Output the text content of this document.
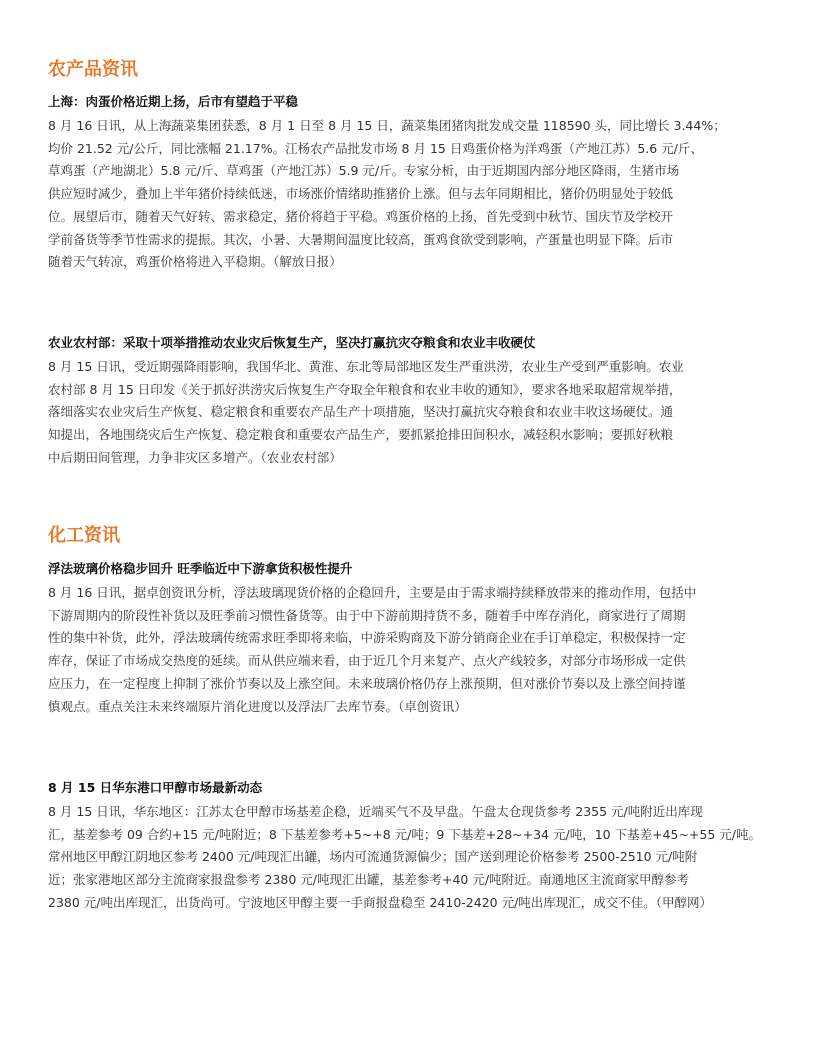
农产品资讯
上海：肉蛋价格近期上扬，后市有望趋于平稳
8 月 16 日讯，从上海蔬菜集团获悉，8 月 1 日至 8 月 15 日，蔬菜集团猪肉批发成交量 118590 头，同比增长 3.44%；
均价 21.52 元/公斤，同比涨幅 21.17%。江杨农产品批发市场 8 月 15 日鸡蛋价格为洋鸡蛋（产地江苏）5.6 元/斤、
草鸡蛋（产地湖北）5.8 元/斤、草鸡蛋（产地江苏）5.9 元/斤。专家分析，由于近期国内部分地区降雨，生猪市场
供应短时减少，叠加上半年猪价持续低迷，市场涨价情绪助推猪价上涨。但与去年同期相比，猪价仍明显处于较低
位。展望后市，随着天气好转、需求稳定，猪价将趋于平稳。鸡蛋价格的上扬，首先受到中秋节、国庆节及学校开
学前备货等季节性需求的提振。其次，小暑、大暑期间温度比较高，蛋鸡食欲受到影响，产蛋量也明显下降。后市
随着天气转凉，鸡蛋价格将进入平稳期。（解放日报）
农业农村部：采取十项举措推动农业灾后恢复生产，坚决打赢抗灾夺粮食和农业丰收硬仗
8 月 15 日讯，受近期强降雨影响，我国华北、黄淮、东北等局部地区发生严重洪涝，农业生产受到严重影响。农业
农村部 8 月 15 日印发《关于抓好洪涝灾后恢复生产夺取全年粮食和农业丰收的通知》，要求各地采取超常规举措，
落细落实农业灾后生产恢复、稳定粮食和重要农产品生产十项措施，坚决打赢抗灾夺粮食和农业丰收这场硬仗。通
知提出，各地围绕灾后生产恢复、稳定粮食和重要农产品生产，要抓紧抢排田间积水，减轻积水影响；要抓好秋粮
中后期田间管理，力争非灾区多增产。（农业农村部）
化工资讯
浮法玻璃价格稳步回升 旺季临近中下游拿货积极性提升
8 月 16 日讯，据卓创资讯分析，浮法玻璃现货价格的企稳回升，主要是由于需求端持续释放带来的推动作用，包括中
下游周期内的阶段性补货以及旺季前习惯性备货等。由于中下游前期持货不多，随着手中库存消化，商家进行了周期
性的集中补货，此外，浮法玻璃传统需求旺季即将来临，中游采购商及下游分销商企业在手订单稳定，积极保持一定
库存，保证了市场成交热度的延续。而从供应端来看，由于近几个月来复产、点火产线较多，对部分市场形成一定供
应压力，在一定程度上抑制了涨价节奏以及上涨空间。未来玻璃价格仍存上涨预期，但对涨价节奏以及上涨空间持谨
慎观点。重点关注未来终端原片消化进度以及浮法厂去库节奏。（卓创资讯）
8 月 15 日华东港口甲醇市场最新动态
8 月 15 日讯，华东地区：江苏太仓甲醇市场基差企稳，近端买气不及早盘。午盘太仓现货参考 2355 元/吨附近出库现
汇，基差参考 09 合约+15 元/吨附近；8 下基差参考+5~+8 元/吨；9 下基差+28~+34 元/吨，10 下基差+45~+55 元/吨。
常州地区甲醇江阴地区参考 2400 元/吨现汇出罐，场内可流通货源偏少；国产送到理论价格参考 2500-2510 元/吨附
近；张家港地区部分主流商家报盘参考 2380 元/吨现汇出罐，基差参考+40 元/吨附近。南通地区主流商家甲醇参考
2380 元/吨出库现汇，出货尚可。宁波地区甲醇主要一手商报盘稳至 2410-2420 元/吨出库现汇，成交不佳。（甲醇网）
